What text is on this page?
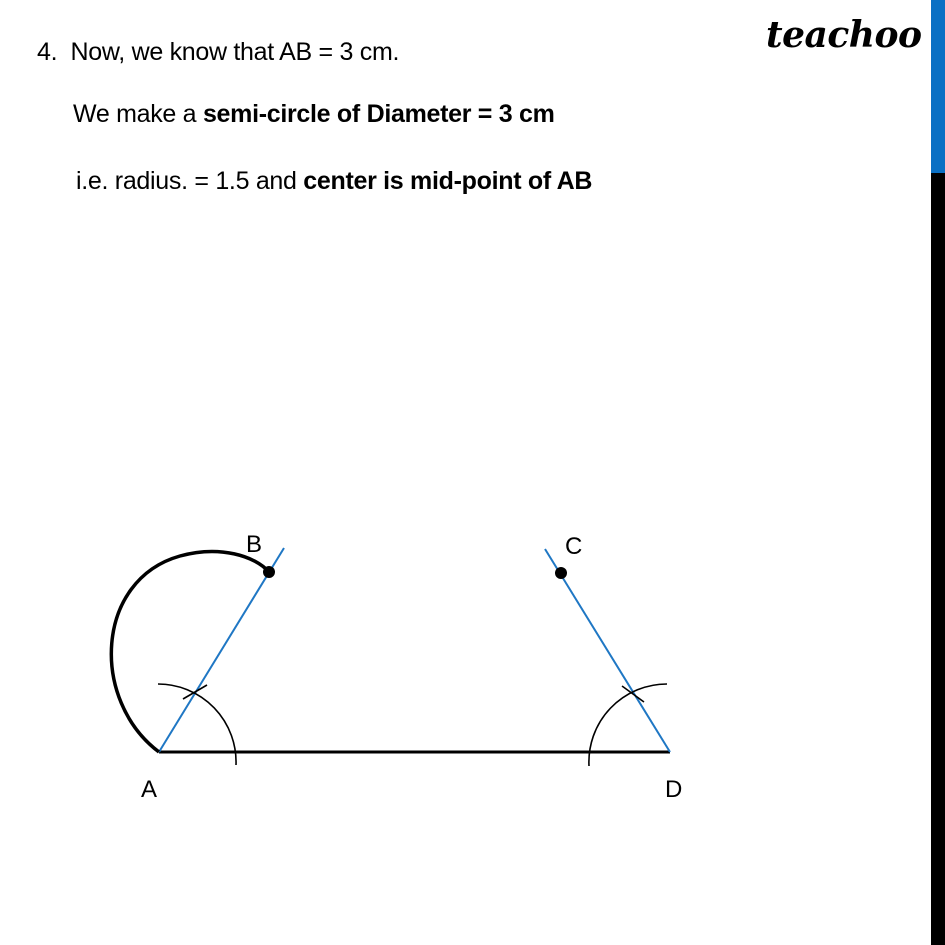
teachoo
4. Now, we know that AB = 3 cm.
We make a semi-circle of Diameter = 3 cm
i.e. radius. = 1.5 and center is mid-point of AB
B	C
A	D
